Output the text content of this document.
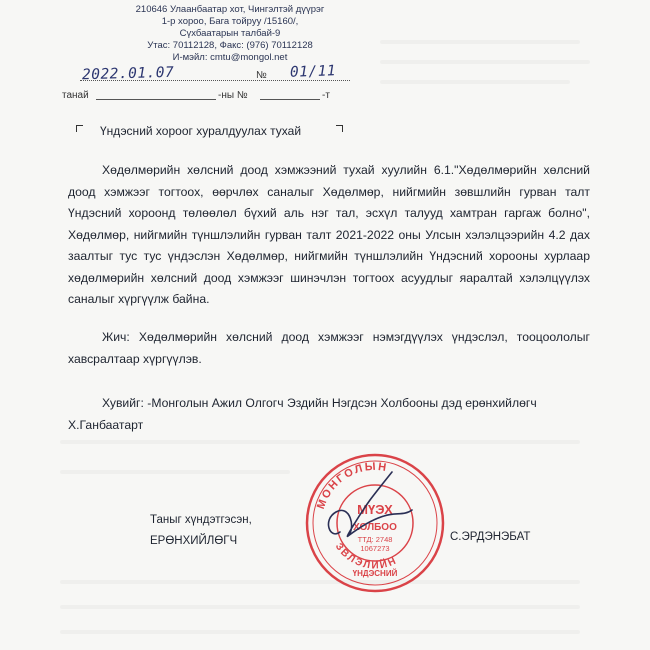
210646 Улаанбаатар хот, Чингэлтэй дүүрэг
1-р хороо, Бага тойруу /15160/,
Сүхбаатарын талбай-9
Утас: 70112128, Факс: (976) 70112128
И-мэйл: cmtu@mongol.net
2022.01.07	№ 01/11
танай	-ны №	-т
Үндэсний хороог хуралдуулах тухай
Хөдөлмөрийн хөлсний доод хэмжээний тухай хуулийн 6.1."Хөдөлмөрийн хөлсний доод хэмжээг тогтоох, өөрчлөх саналыг Хөдөлмөр, нийгмийн зөвшлийн гурван талт Үндэсний хороонд төлөөлөл бүхий аль нэг тал, эсхүл талууд хамтран гаргаж болно", Хөдөлмөр, нийгмийн түншлэлийн гурван талт 2021-2022 оны Улсын хэлэлцээрийн 4.2 дах заалтыг тус тус үндэслэн Хөдөлмөр, нийгмийн түншлэлийн Үндэсний хорооны хурлаар хөдөлмөрийн хөлсний доод хэмжээг шинэчлэн тогтоох асуудлыг яаралтай хэлэлцүүлэх саналыг хүргүүлж байна.
Жич: Хөдөлмөрийн хөлсний доод хэмжээг нэмэгдүүлэх үндэслэл, тооцоололыг хавсралтаар хүргүүлэв.
Хувийг: -Монголын Ажил Олгогч Эздийн Нэгдсэн Холбооны дэд ерөнхийлөгч
Х.Ганбаатарт
Таныг хүндэтгэсэн,
ЕРӨНХИЙЛӨГЧ	С.ЭРДЭНЭБАТ
МОНГОЛЫН
ЗВЛЭЛИЙН
МҮЭХ
ХОЛБОО
ТТД: 2748
1067273
ҮНДЭСНИЙ
